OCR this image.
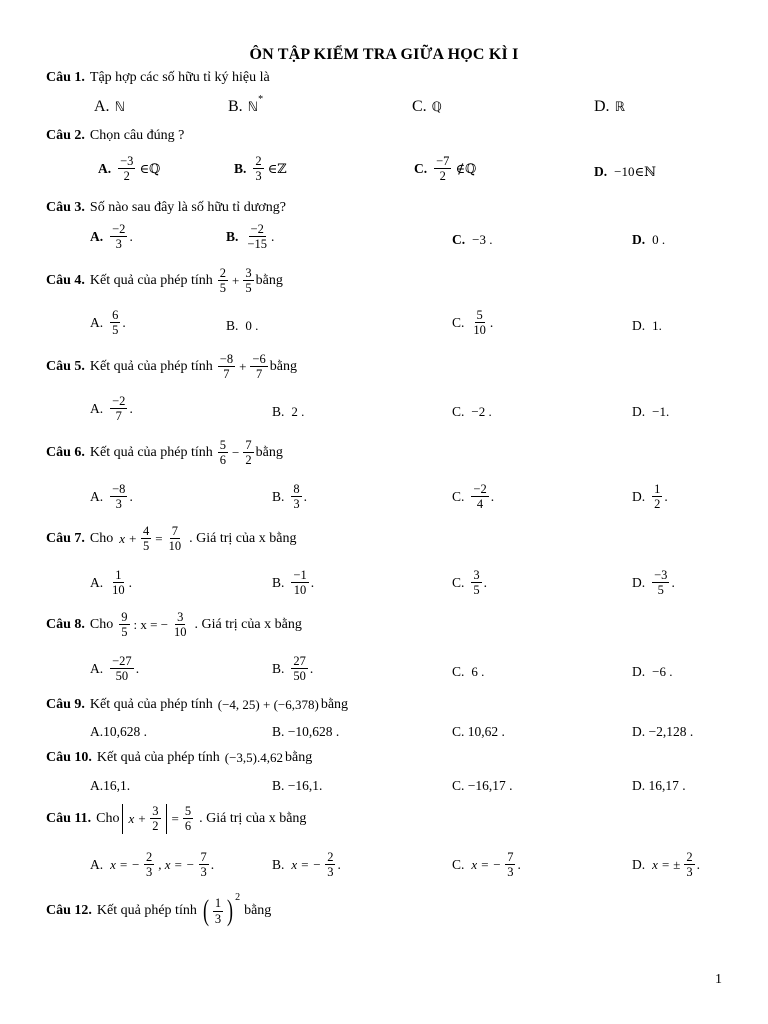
ÔN TẬP KIỂM TRA GIỮA HỌC KÌ I
Câu 1. Tập hợp các số hữu tỉ ký hiệu là
A. ℕ	B. ℕ *	C. ℚ	D. ℝ
Câu 2. Chọn câu đúng ?
A. $\frac{-3}{2}$ ∈ℚ	B. $\frac{2}{3}$ ∈ℤ	C. $\frac{-7}{2}$ ∉ℚ	D. −10∈ℕ
Câu 3. Số nào sau đây là số hữu tỉ dương?
A. $\frac{-2}{3}$ .	B. $\frac{-2}{-15}$ .	C. −3 .	D. 0 .
Câu 4. Kết quả của phép tính $\frac{2}{5} + \frac{3}{5}$ bằng
A. $\frac{6}{5}$ .	B. 0 .	C. $\frac{5}{10}$ .	D. 1.
Câu 5. Kết quả của phép tính $\frac{-8}{7} + \frac{-6}{7}$ bằng
A. $\frac{-2}{7}$ .	B. 2 .	C. −2 .	D. −1.
Câu 6. Kết quả của phép tính $\frac{5}{6} - \frac{7}{2}$ bằng
A. $\frac{-8}{3}$ .	B. $\frac{8}{3}$ .	C. $\frac{-2}{4}$ .	D. $\frac{1}{2}$ .
Câu 7. Cho $x + \frac{4}{5} = \frac{7}{10}$ . Giá trị của x bằng
A. $\frac{1}{10}$ .	B. $\frac{-1}{10}$ .	C. $\frac{3}{5}$ .	D. $\frac{-3}{5}$ .
Câu 8. Cho $\frac{9}{5}$ : x = − $\frac{3}{10}$ . Giá trị của x bằng
A. $\frac{-27}{50}$ .	B. $\frac{27}{50}$ .	C. 6 .	D. −6 .
Câu 9. Kết quả của phép tính (−4, 25) + (−6,378) bằng
A.10,628 .	B. −10,628 .	C. 10,62 .	D. −2,128 .
Câu 10. Kết quả của phép tính (−3,5).4,62 bằng
A.16,1.	B. −16,1.	C. −16,17 .	D. 16,17 .
Câu 11. Cho $x + \frac{3}{2} = \frac{5}{6}$ . Giá trị của x bằng
A. x = − $\frac{2}{3}$ , x = − $\frac{7}{3}$ .	B. x = − $\frac{2}{3}$ .	C. x = − $\frac{7}{3}$ .	D. x = ± $\frac{2}{3}$ .
Câu 12. Kết quả phép tính ( $\frac{1}{3}$ ) 2
bằng
1
